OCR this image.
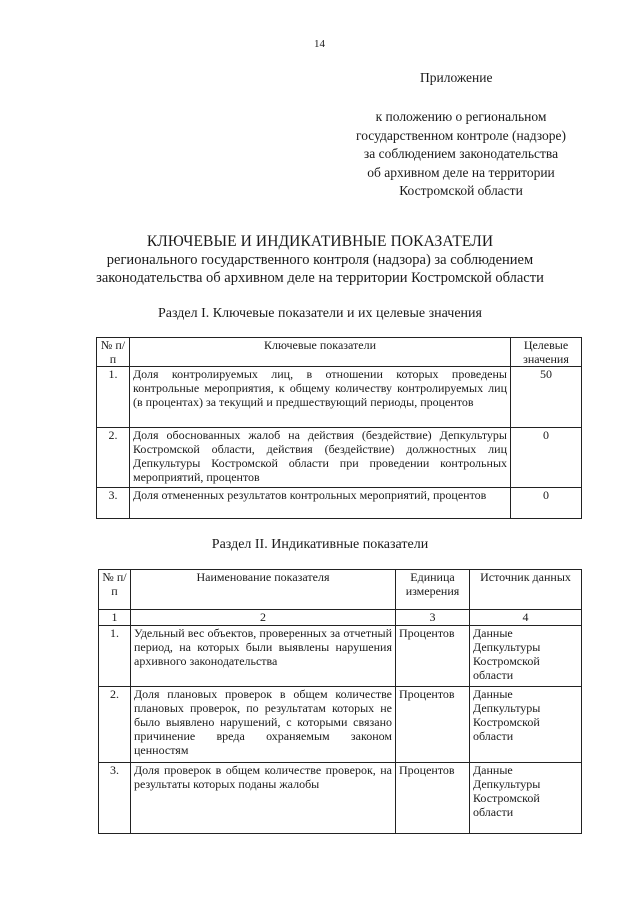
14
Приложение
к положению о региональном
государственном контроле (надзоре)
за соблюдением законодательства
об архивном деле на территории
Костромской области
КЛЮЧЕВЫЕ И ИНДИКАТИВНЫЕ ПОКАЗАТЕЛИ
регионального государственного контроля (надзора) за соблюдением
законодательства об архивном деле на территории Костромской области
Раздел I. Ключевые показатели и их целевые значения
№ п/п	Ключевые показатели	Целевые значения
1.	Доля контролируемых лиц, в отношении которых проведены контрольные мероприятия, к общему количеству контролируемых лиц (в процентах) за текущий и предшествующий периоды, процентов	50
2.	Доля обоснованных жалоб на действия (бездействие) Депкультуры Костромской области, действия (бездействие) должностных лиц Депкультуры Костромской области при проведении контрольных мероприятий, процентов	0
3.	Доля отмененных результатов контрольных мероприятий, процентов	0
Раздел II. Индикативные показатели
№ п/п	Наименование показателя	Единица измерения	Источник данных
1	2	3	4
1.	Удельный вес объектов, проверенных за отчетный период, на которых были выявлены нарушения архивного законодательства	Процентов	Данные Депкультуры Костромской области
2.	Доля плановых проверок в общем количестве плановых проверок, по результатам которых не было выявлено нарушений, с которыми связано причинение вреда охраняемым законом ценностям	Процентов	Данные Депкультуры Костромской области
3.	Доля проверок в общем количестве проверок, на результаты которых поданы жалобы	Процентов	Данные Депкультуры Костромской области
